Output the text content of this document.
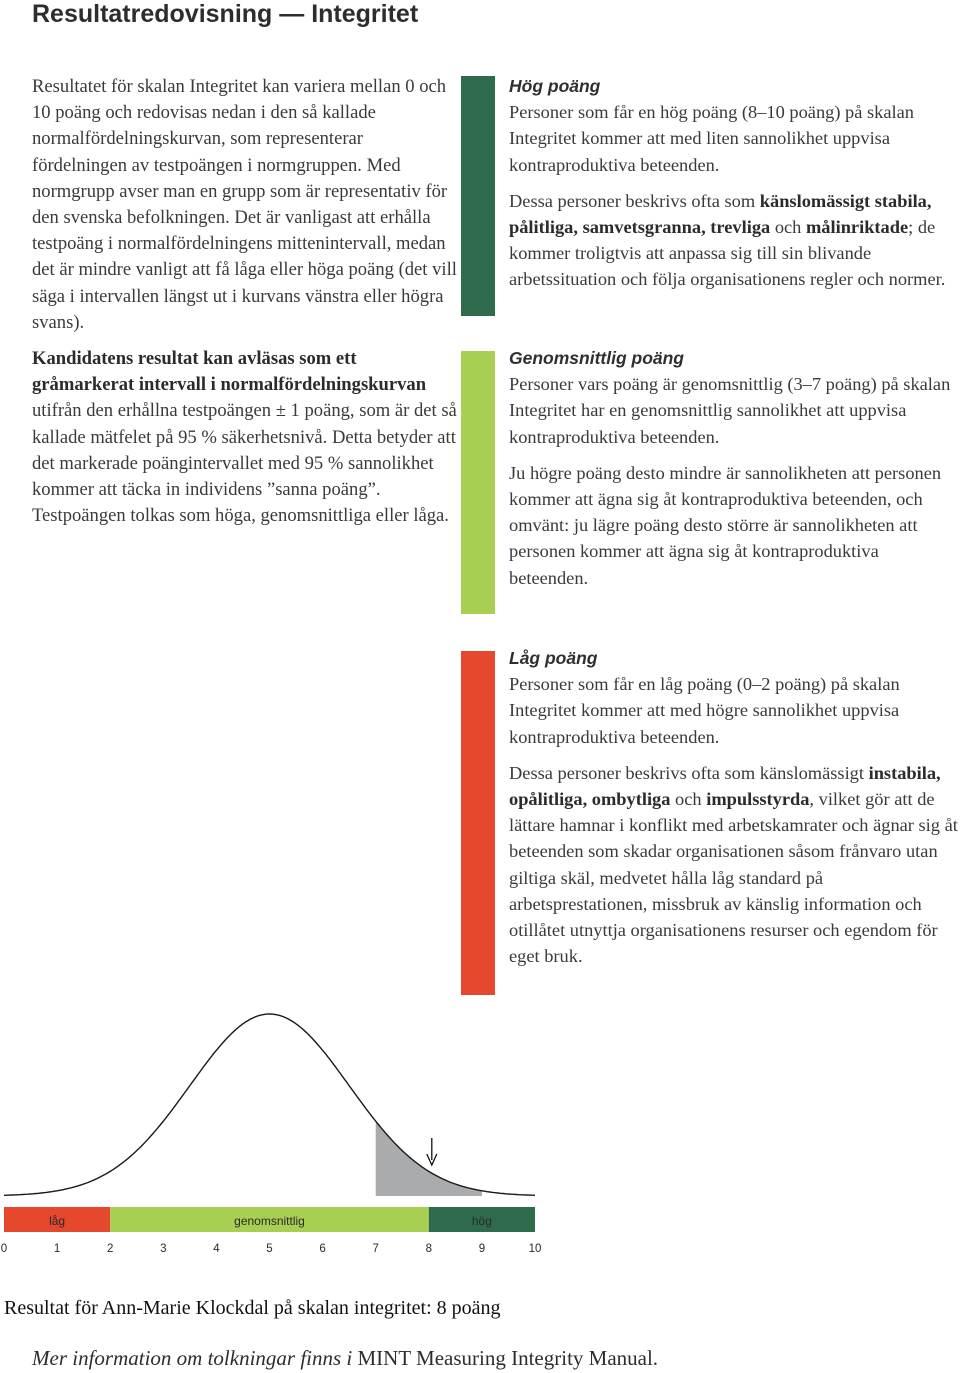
Resultatredovisning — Integritet

Resultatet för skalan Integritet kan variera mellan 0 och 10 poäng och redovisas nedan i den så kallade normalfördelningskurvan, som representerar fördelningen av testpoängen i normgruppen. Med normgrupp avser man en grupp som är representativ för den svenska befolkningen. Det är vanligast att erhålla testpoäng i normalfördelningens mittenintervall, medan det är mindre vanligt att få låga eller höga poäng (det vill säga i intervallen längst ut i kurvans vänstra eller högra svans).

Kandidatens resultat kan avläsas som ett gråmarkerat intervall i normalfördelningskurvan utifrån den erhållna testpoängen ± 1 poäng, som är det så kallade mätfelet på 95 % säkerhetsnivå. Detta betyder att det markerade poängintervallet med 95 % sannolikhet kommer att täcka in individens ”sanna poäng”. Testpoängen tolkas som höga, genomsnittliga eller låga.

Hög poäng

Personer som får en hög poäng (8–10 poäng) på skalan Integritet kommer att med liten sannolikhet uppvisa kontraproduktiva beteenden.

Dessa personer beskrivs ofta som känslomässigt stabila, pålitliga, samvetsgranna, trevliga och målinriktade; de kommer troligtvis att anpassa sig till sin blivande arbetssituation och följa organisationens regler och normer.

Genomsnittlig poäng

Personer vars poäng är genomsnittlig (3–7 poäng) på skalan Integritet har en genomsnittlig sannolikhet att uppvisa kontraproduktiva beteenden.

Ju högre poäng desto mindre är sannolikheten att personen kommer att ägna sig åt kontraproduktiva beteenden, och omvänt: ju lägre poäng desto större är sannolikheten att personen kommer att ägna sig åt kontraproduktiva beteenden.

Låg poäng

Personer som får en låg poäng (0–2 poäng) på skalan Integritet kommer att med högre sannolikhet uppvisa kontraproduktiva beteenden.

Dessa personer beskrivs ofta som känslomässigt instabila, opålitliga, ombytliga och impulsstyrda, vilket gör att de lättare hamnar i konflikt med arbetskamrater och ägnar sig åt beteenden som skadar organisationen såsom frånvaro utan giltiga skäl, medvetet hålla låg standard på arbetsprestationen, missbruk av känslig information och otillåtet utnyttja organisationens resurser och egendom för eget bruk.

låg	genomsnittlig	hög
0	1	2	3	4	5	6	7	8	9	10
Resultat för Ann-Marie Klockdal på skalan integritet: 8 poäng
Mer information om tolkningar finns i MINT Measuring Integrity Manual.
